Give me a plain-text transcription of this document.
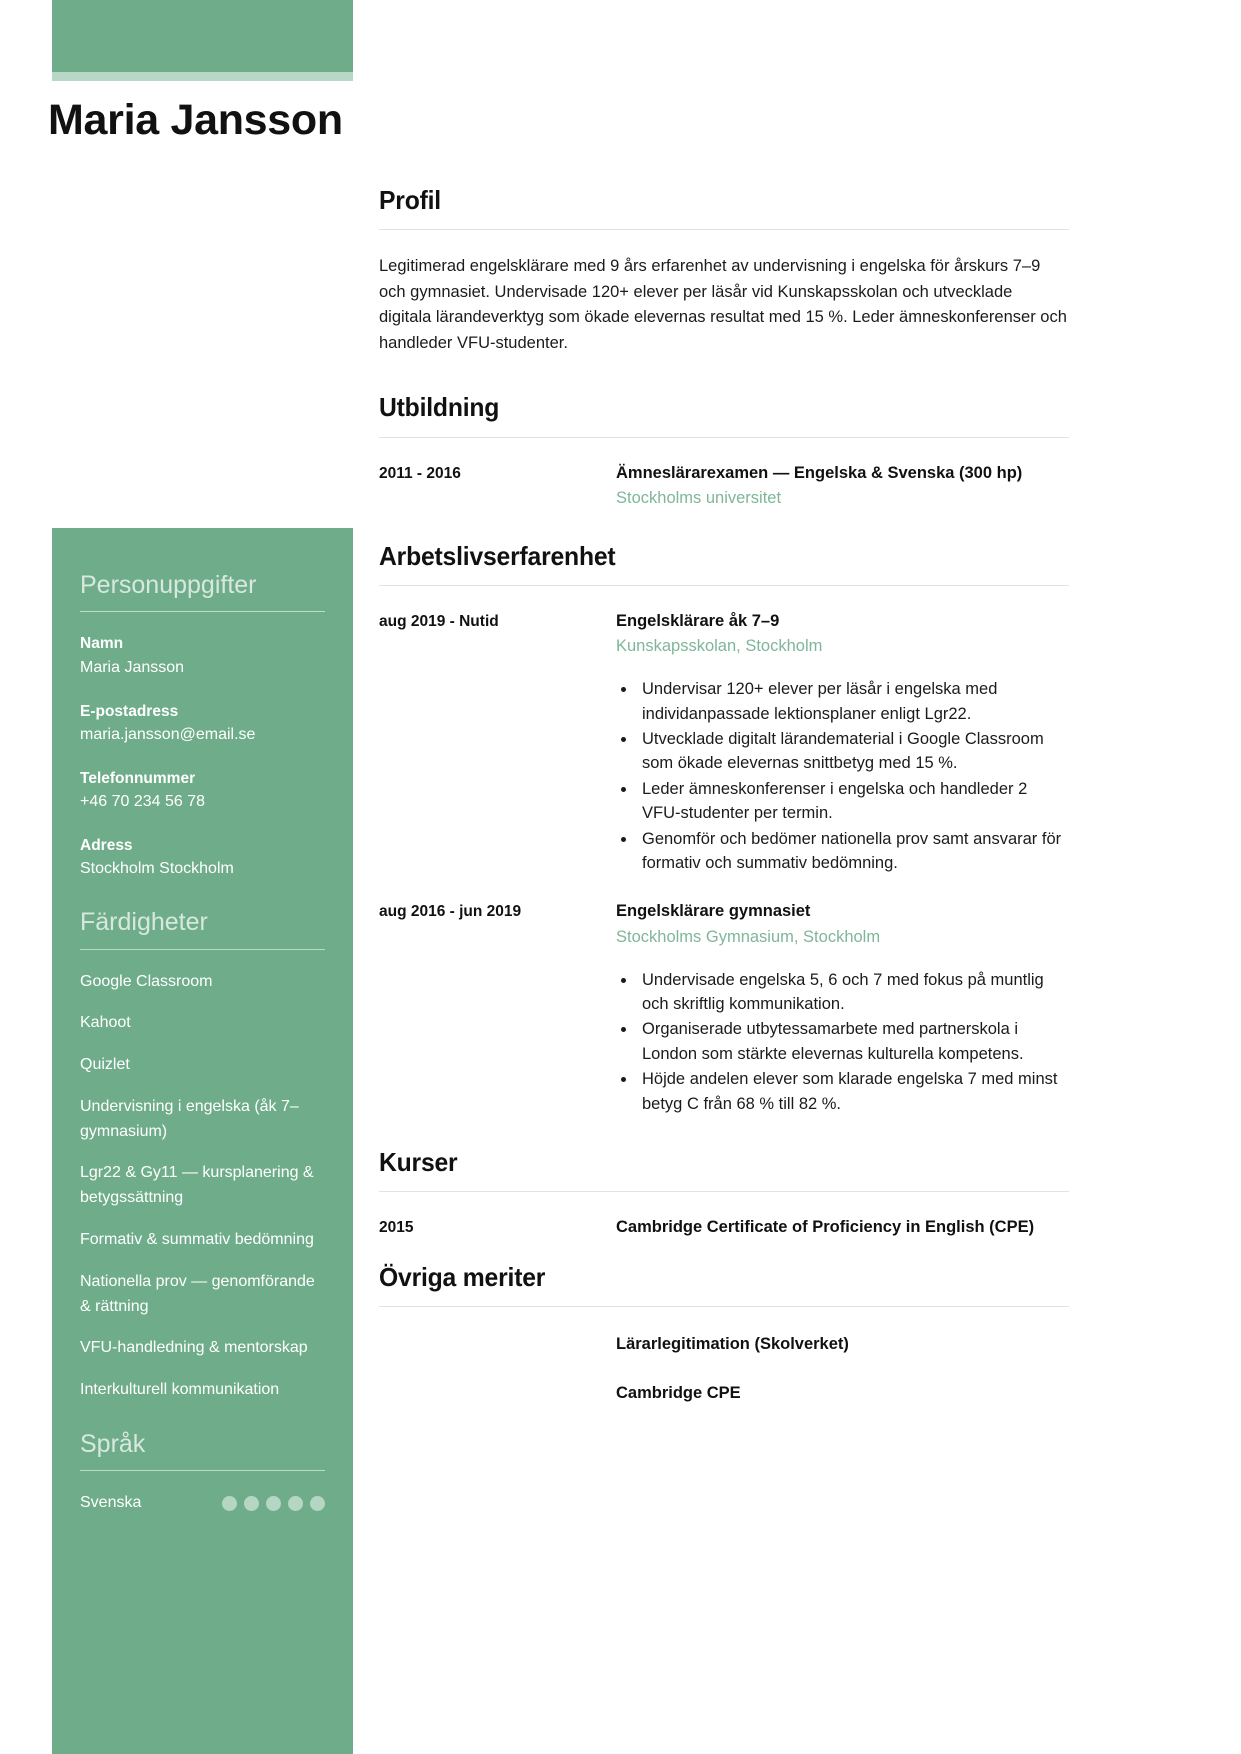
Maria Jansson
Personuppgifter
Namn
Maria Jansson
E-postadress
maria.jansson@email.se
Telefonnummer
+46 70 234 56 78
Adress
Stockholm Stockholm
Färdigheter
Google Classroom
Kahoot
Quizlet
Undervisning i engelska (åk 7–gymnasium)
Lgr22 & Gy11 — kursplanering & betygssättning
Formativ & summativ bedömning
Nationella prov — genomförande & rättning
VFU-handledning & mentorskap
Interkulturell kommunikation
Språk
Svenska
Profil

Legitimerad engelsklärare med 9 års erfarenhet av undervisning i engelska för årskurs 7–9 och gymnasiet. Undervisade 120+ elever per läsår vid Kunskapsskolan och utvecklade digitala lärandeverktyg som ökade elevernas resultat med 15 %. Leder ämneskonferenser och handleder VFU-studenter.

Utbildning
2011 - 2016	Ämneslärarexamen — Engelska & Svenska (300 hp)
Stockholms universitet
Arbetslivserfarenhet
aug 2019 - Nutid	Engelsklärare åk 7–9
Kunskapsskolan, Stockholm
• Undervisar 120+ elever per läsår i engelska med individanpassade lektionsplaner enligt Lgr22.
• Utvecklade digitalt lärandematerial i Google Classroom som ökade elevernas snittbetyg med 15 %.
• Leder ämneskonferenser i engelska och handleder 2 VFU-studenter per termin.
• Genomför och bedömer nationella prov samt ansvarar för formativ och summativ bedömning.
aug 2016 - jun 2019	Engelsklärare gymnasiet
Stockholms Gymnasium, Stockholm
• Undervisade engelska 5, 6 och 7 med fokus på muntlig och skriftlig kommunikation.
• Organiserade utbytessamarbete med partnerskola i London som stärkte elevernas kulturella kompetens.
• Höjde andelen elever som klarade engelska 7 med minst betyg C från 68 % till 82 %.
Kurser
2015	Cambridge Certificate of Proficiency in English (CPE)
Övriga meriter
Lärarlegitimation (Skolverket)
Cambridge CPE
